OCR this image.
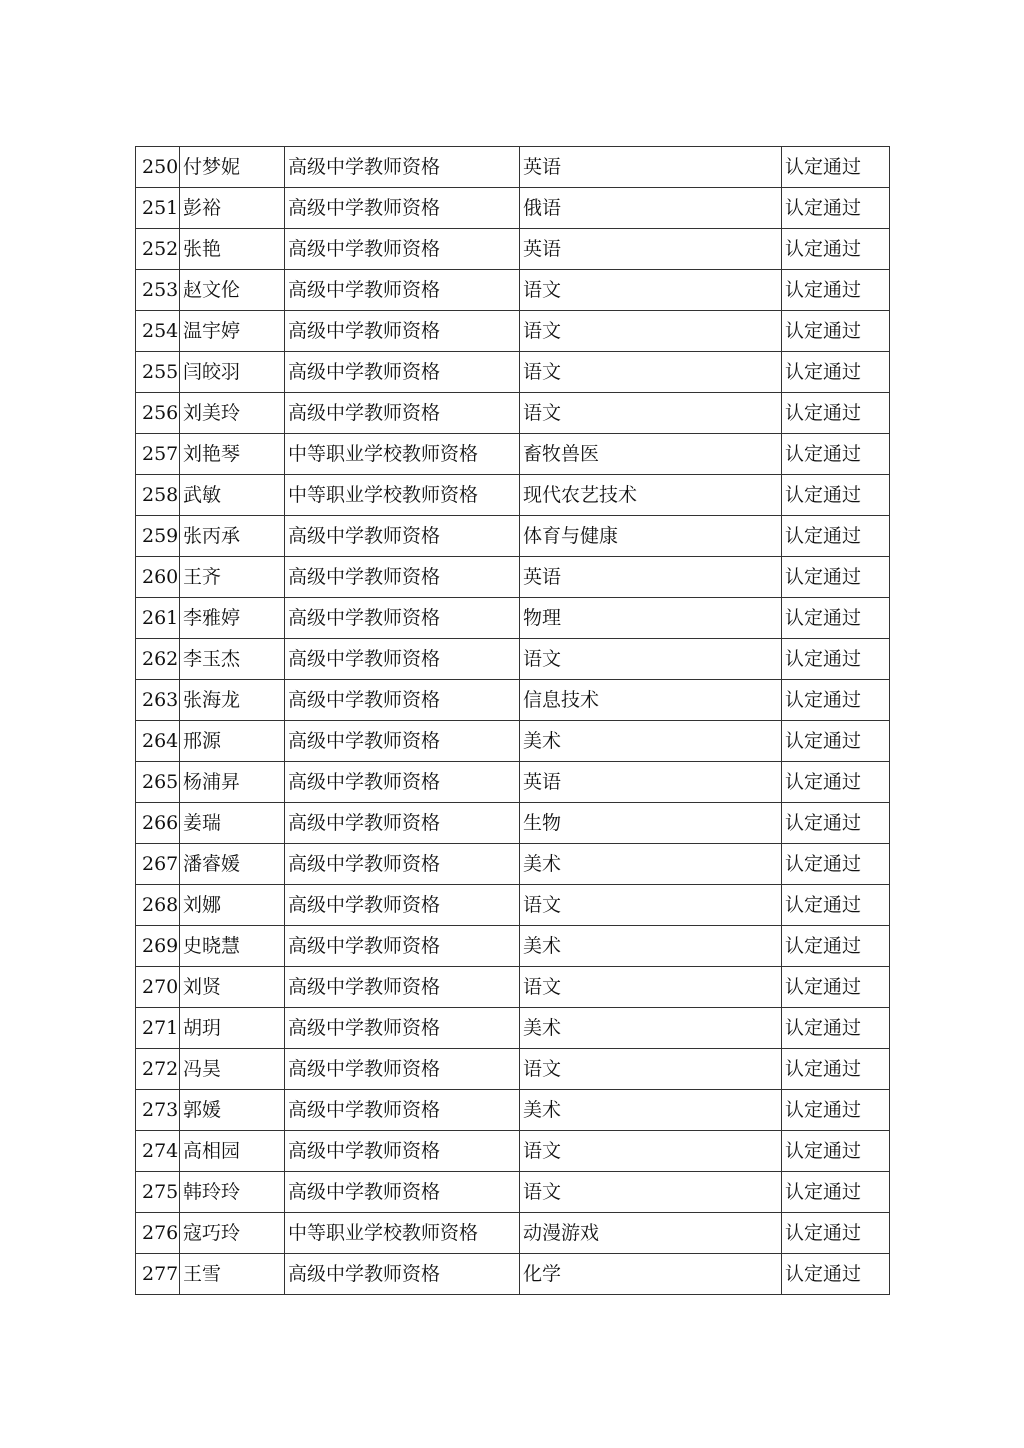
250	付梦妮	高级中学教师资格	英语	认定通过
251	彭裕	高级中学教师资格	俄语	认定通过
252	张艳	高级中学教师资格	英语	认定通过
253	赵文伦	高级中学教师资格	语文	认定通过
254	温宇婷	高级中学教师资格	语文	认定通过
255	闫皎羽	高级中学教师资格	语文	认定通过
256	刘美玲	高级中学教师资格	语文	认定通过
257	刘艳琴	中等职业学校教师资格	畜牧兽医	认定通过
258	武敏	中等职业学校教师资格	现代农艺技术	认定通过
259	张丙承	高级中学教师资格	体育与健康	认定通过
260	王齐	高级中学教师资格	英语	认定通过
261	李雅婷	高级中学教师资格	物理	认定通过
262	李玉杰	高级中学教师资格	语文	认定通过
263	张海龙	高级中学教师资格	信息技术	认定通过
264	邢源	高级中学教师资格	美术	认定通过
265	杨浦昇	高级中学教师资格	英语	认定通过
266	姜瑞	高级中学教师资格	生物	认定通过
267	潘睿媛	高级中学教师资格	美术	认定通过
268	刘娜	高级中学教师资格	语文	认定通过
269	史晓慧	高级中学教师资格	美术	认定通过
270	刘贤	高级中学教师资格	语文	认定通过
271	胡玥	高级中学教师资格	美术	认定通过
272	冯昊	高级中学教师资格	语文	认定通过
273	郭媛	高级中学教师资格	美术	认定通过
274	高相园	高级中学教师资格	语文	认定通过
275	韩玲玲	高级中学教师资格	语文	认定通过
276	寇巧玲	中等职业学校教师资格	动漫游戏	认定通过
277	王雪	高级中学教师资格	化学	认定通过
